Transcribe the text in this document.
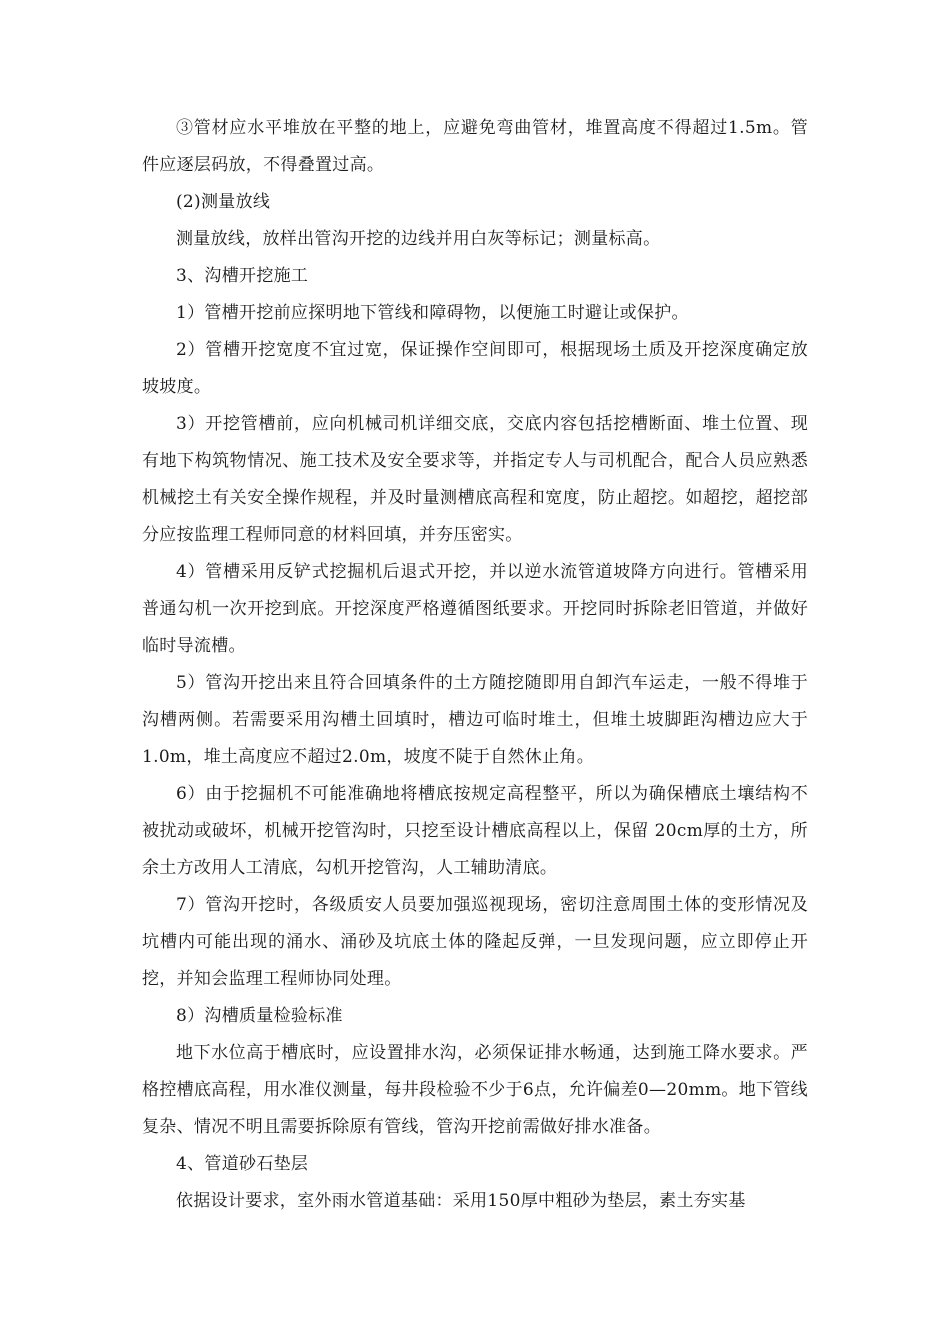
③管材应水平堆放在平整的地上，应避免弯曲管材，堆置高度不得超过1.5m。管件应逐层码放，不得叠置过高。

(2)测量放线

测量放线，放样出管沟开挖的边线并用白灰等标记；测量标高。

3、沟槽开挖施工

1）管槽开挖前应探明地下管线和障碍物，以便施工时避让或保护。

2）管槽开挖宽度不宜过宽，保证操作空间即可，根据现场土质及开挖深度确定放坡坡度。

3）开挖管槽前，应向机械司机详细交底，交底内容包括挖槽断面、堆土位置、现有地下构筑物情况、施工技术及安全要求等，并指定专人与司机配合，配合人员应熟悉机械挖土有关安全操作规程，并及时量测槽底高程和宽度，防止超挖。如超挖，超挖部分应按监理工程师同意的材料回填，并夯压密实。

4）管槽采用反铲式挖掘机后退式开挖，并以逆水流管道坡降方向进行。管槽采用普通勾机一次开挖到底。开挖深度严格遵循图纸要求。开挖同时拆除老旧管道，并做好临时导流槽。

5）管沟开挖出来且符合回填条件的土方随挖随即用自卸汽车运走，一般不得堆于沟槽两侧。若需要采用沟槽土回填时，槽边可临时堆土，但堆土坡脚距沟槽边应大于1.0m，堆土高度应不超过2.0m，坡度不陡于自然休止角。

6）由于挖掘机不可能准确地将槽底按规定高程整平，所以为确保槽底土壤结构不被扰动或破坏，机械开挖管沟时，只挖至设计槽底高程以上，保留 20cm厚的土方，所余土方改用人工清底，勾机开挖管沟，人工辅助清底。

7）管沟开挖时，各级质安人员要加强巡视现场，密切注意周围土体的变形情况及坑槽内可能出现的涌水、涌砂及坑底土体的隆起反弹，一旦发现问题，应立即停止开挖，并知会监理工程师协同处理。

8）沟槽质量检验标准

地下水位高于槽底时，应设置排水沟，必须保证排水畅通，达到施工降水要求。严格控槽底高程，用水准仪测量，每井段检验不少于6点，允许偏差0—20mm。地下管线复杂、情况不明且需要拆除原有管线，管沟开挖前需做好排水准备。

4、管道砂石垫层

依据设计要求，室外雨水管道基础：采用150厚中粗砂为垫层，素土夯实基
